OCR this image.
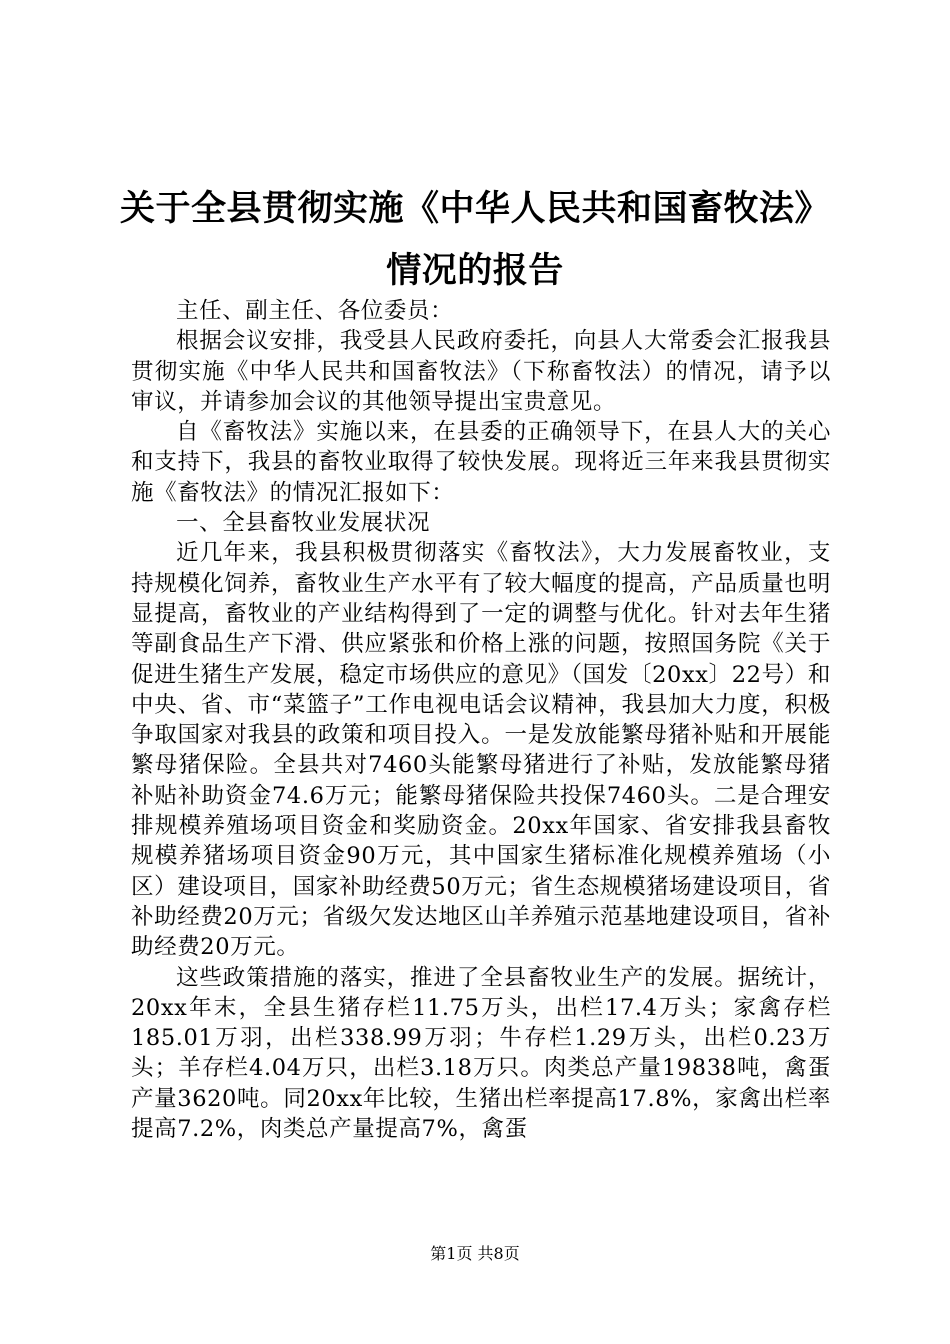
关于全县贯彻实施《中华人民共和国畜牧法》
情况的报告

主任、副主任、各位委员：

根据会议安排，我受县人民政府委托，向县人大常委会汇报我县贯彻实施《中华人民共和国畜牧法》（下称畜牧法）的情况，请予以审议，并请参加会议的其他领导提出宝贵意见。

自《畜牧法》实施以来，在县委的正确领导下，在县人大的关心和支持下，我县的畜牧业取得了较快发展。现将近三年来我县贯彻实施《畜牧法》的情况汇报如下：

一、全县畜牧业发展状况

近几年来，我县积极贯彻落实《畜牧法》，大力发展畜牧业，支持规模化饲养，畜牧业生产水平有了较大幅度的提高，产品质量也明显提高，畜牧业的产业结构得到了一定的调整与优化。针对去年生猪等副食品生产下滑、供应紧张和价格上涨的问题，按照国务院《关于促进生猪生产发展，稳定市场供应的意见》（国发〔20xx〕22号）和中央、省、市“菜篮子”工作电视电话会议精神，我县加大力度，积极争取国家对我县的政策和项目投入。一是发放能繁母猪补贴和开展能繁母猪保险。全县共对7460头能繁母猪进行了补贴，发放能繁母猪补贴补助资金74.6万元；能繁母猪保险共投保7460头。二是合理安排规模养殖场项目资金和奖励资金。20xx年国家、省安排我县畜牧规模养猪场项目资金90万元，其中国家生猪标准化规模养殖场（小区）建设项目，国家补助经费50万元；省生态规模猪场建设项目，省补助经费20万元；省级欠发达地区山羊养殖示范基地建设项目，省补助经费20万元。

这些政策措施的落实，推进了全县畜牧业生产的发展。据统计，20xx年末，全县生猪存栏11.75万头，出栏17.4万头；家禽存栏185.01万羽，出栏338.99万羽；牛存栏1.29万头，出栏0.23万头；羊存栏4.04万只，出栏3.18万只。肉类总产量19838吨，禽蛋产量3620吨。同20xx年比较，生猪出栏率提高17.8%，家禽出栏率提高7.2%，肉类总产量提高7%，禽蛋

第1页 共8页
